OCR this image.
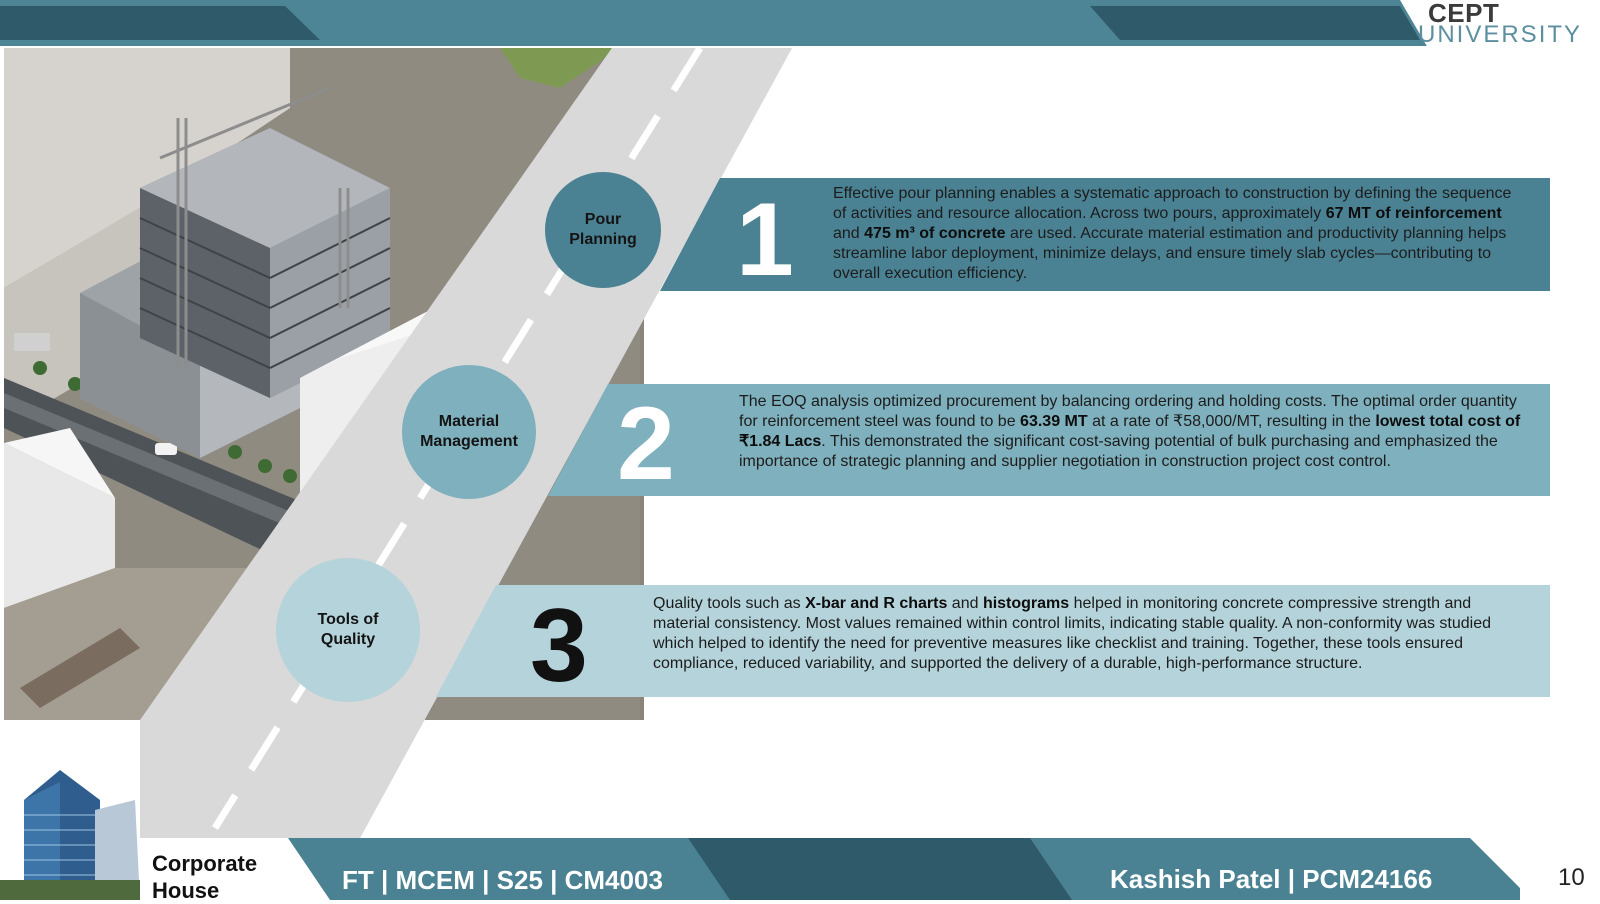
CEPT
UNIVERSITY
1 Effective pour planning enables a systematic approach to construction by defining the sequence of activities and resource allocation. Across two pours, approximately 67 MT of reinforcement and 475 m³ of concrete are used. Accurate material estimation and productivity planning helps streamline labor deployment, minimize delays, and ensure timely slab cycles—contributing to overall execution efficiency.
2	The EOQ analysis optimized procurement by balancing ordering and holding costs. The optimal order quantity for reinforcement steel was found to be 63.39 MT at a rate of ₹58,000/MT, resulting in the lowest total cost of ₹1.84 Lacs. This demonstrated the significant cost-saving potential of bulk purchasing and emphasized the importance of strategic planning and supplier negotiation in construction project cost control.
3	Quality tools such as X-bar and R charts and histograms helped in monitoring concrete compressive strength and material consistency. Most values remained within control limits, indicating stable quality. A non-conformity was studied which helped to identify the need for preventive measures like checklist and training. Together, these tools ensured compliance, reduced variability, and supported the delivery of a durable, high-performance structure.
Pour
Planning
Material
Management
Tools of
Quality
Corporate
House	FT | MCEM | S25 | CM4003	Kashish Patel | PCM24166	10
